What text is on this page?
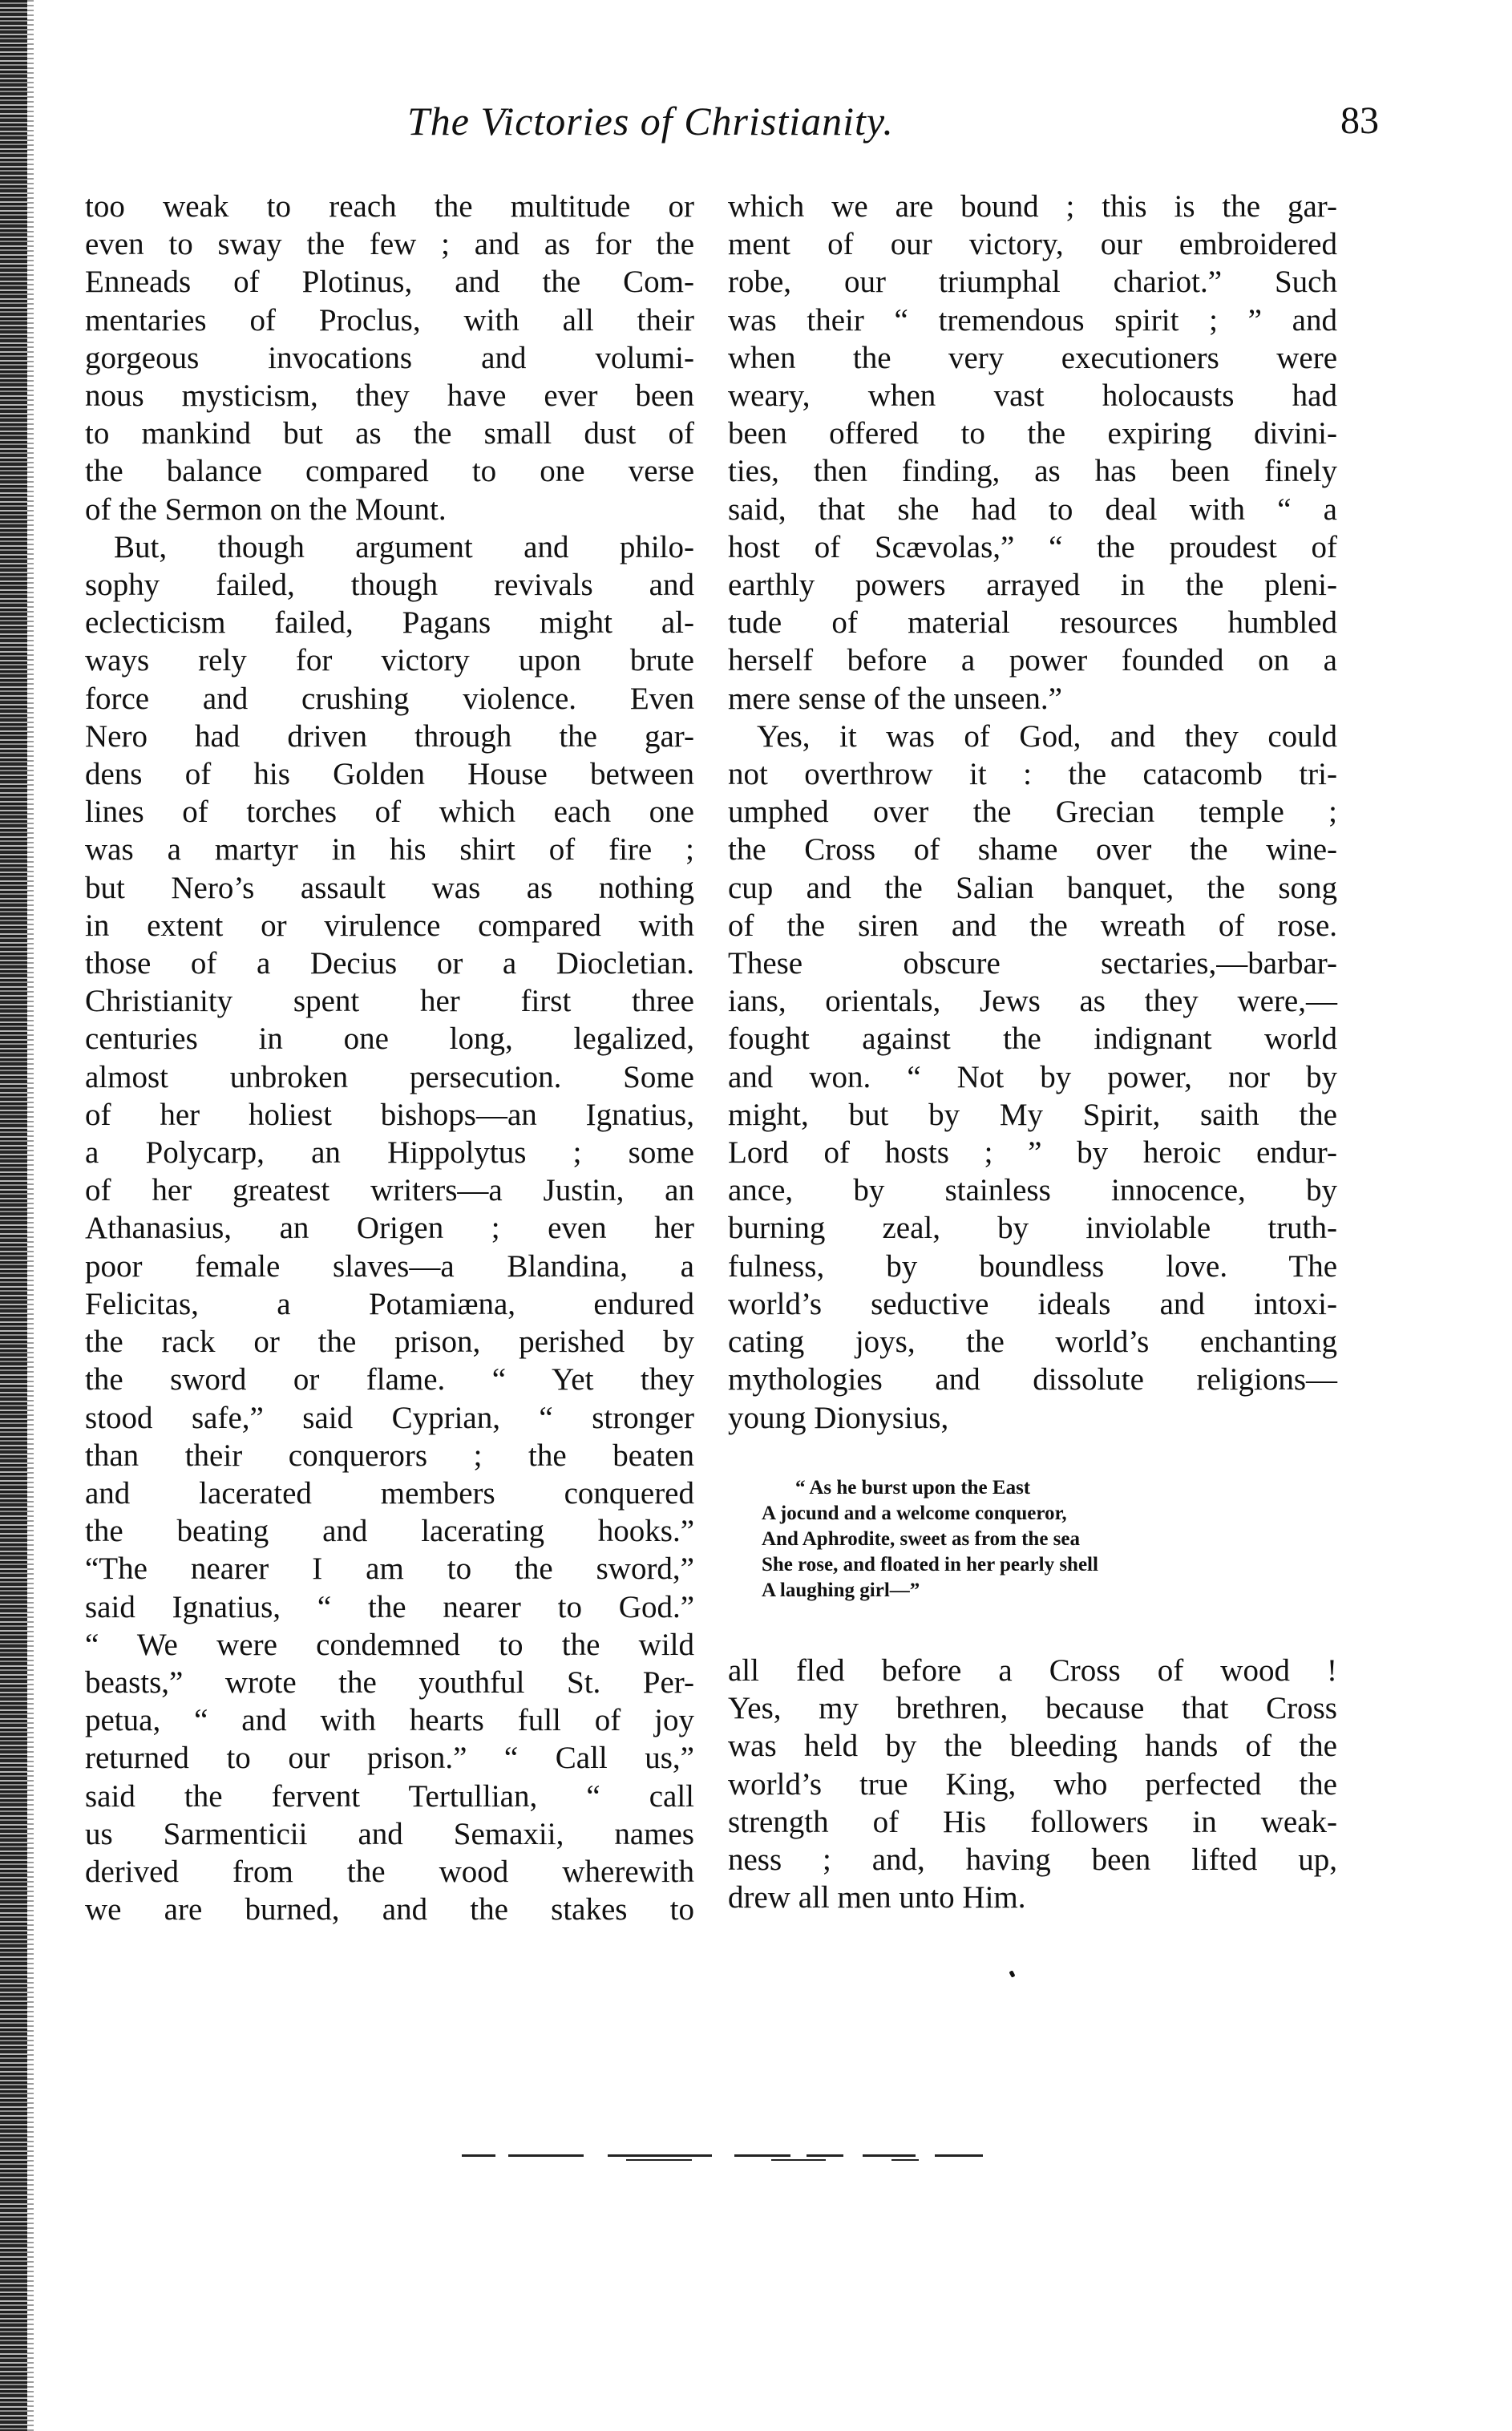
The Victories of Christianity.	83
too weak to reach the multitude or
even to sway the few ; and as for the
Enneads of Plotinus, and the Com-
mentaries of Proclus, with all their
gorgeous invocations and volumi-
nous mysticism, they have ever been
to mankind but as the small dust of
the balance compared to one verse
of the Sermon on the Mount.
But, though argument and philo-
sophy failed, though revivals and
eclecticism failed, Pagans might al-
ways rely for victory upon brute
force and crushing violence. Even
Nero had driven through the gar-
dens of his Golden House between
lines of torches of which each one
was a martyr in his shirt of fire ;
but Nero’s assault was as nothing
in extent or virulence compared with
those of a Decius or a Diocletian.
Christianity spent her first three
centuries in one long, legalized,
almost unbroken persecution. Some
of her holiest bishops—an Ignatius,
a Polycarp, an Hippolytus ; some
of her greatest writers—a Justin, an
Athanasius, an Origen ; even her
poor female slaves—a Blandina, a
Felicitas, a Potamiæna, endured
the rack or the prison, perished by
the sword or flame. “ Yet they
stood safe,” said Cyprian, “ stronger
than their conquerors ; the beaten
and lacerated members conquered
the beating and lacerating hooks.”
“The nearer I am to the sword,”
said Ignatius, “ the nearer to God.”
“ We were condemned to the wild
beasts,” wrote the youthful St. Per-
petua, “ and with hearts full of joy
returned to our prison.” “ Call us,”
said the fervent Tertullian, “ call
us Sarmenticii and Semaxii, names
derived from the wood wherewith
we are burned, and the stakes to
which we are bound ; this is the gar-
ment of our victory, our embroidered
robe, our triumphal chariot.” Such
was their “ tremendous spirit ; ” and
when the very executioners were
weary, when vast holocausts had
been offered to the expiring divini-
ties, then finding, as has been finely
said, that she had to deal with “ a
host of Scævolas,” “ the proudest of
earthly powers arrayed in the pleni-
tude of material resources humbled
herself before a power founded on a
mere sense of the unseen.”
Yes, it was of God, and they could
not overthrow it : the catacomb tri-
umphed over the Grecian temple ;
the Cross of shame over the wine-
cup and the Salian banquet, the song
of the siren and the wreath of rose.
These obscure sectaries,—barbar-
ians, orientals, Jews as they were,—
fought against the indignant world
and won. “ Not by power, nor by
might, but by My Spirit, saith the
Lord of hosts ; ” by heroic endur-
ance, by stainless innocence, by
burning zeal, by inviolable truth-
fulness, by boundless love. The
world’s seductive ideals and intoxi-
cating joys, the world’s enchanting
mythologies and dissolute religions—
young Dionysius,
“ As he burst upon the East
A jocund and a welcome conqueror,
And Aphrodite, sweet as from the sea
She rose, and floated in her pearly shell
A laughing girl—”
all fled before a Cross of wood !
Yes, my brethren, because that Cross
was held by the bleeding hands of the
world’s true King, who perfected the
strength of His followers in weak-
ness ; and, having been lifted up,
drew all men unto Him.
